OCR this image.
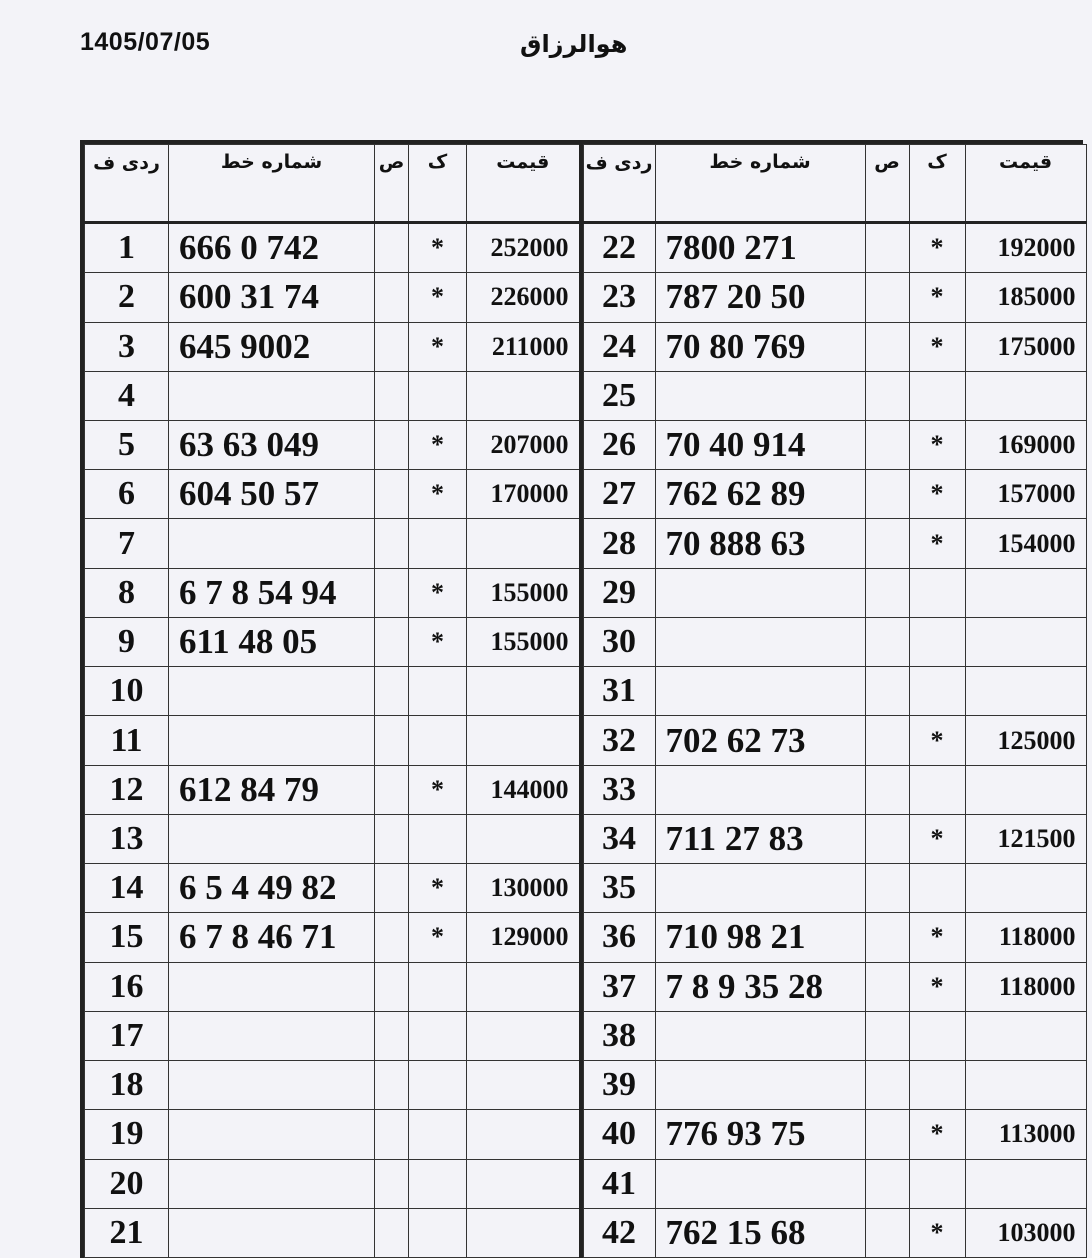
1405/07/05	هوالرزاق
ردی ف	شماره خط	ص	ک	قیمت
1	666 0 742		*	252000
2	600 31 74		*	226000
3	645 9002		*	211000
4				
5	63 63 049		*	207000
6	604 50 57		*	170000
7				
8	6 7 8 54 94		*	155000
9	611 48 05		*	155000
10				
11				
12	612 84 79		*	144000
13				
14	6 5 4 49 82		*	130000
15	6 7 8 46 71		*	129000
16				
17				
18				
19				
20				
21				
ردی ف	شماره خط	ص	ک	قیمت
22	7800 271		*	192000
23	787 20 50		*	185000
24	70 80 769		*	175000
25				
26	70 40 914		*	169000
27	762 62 89		*	157000
28	70 888 63		*	154000
29				
30				
31				
32	702 62 73		*	125000
33				
34	711 27 83		*	121500
35				
36	710 98 21		*	118000
37	7 8 9 35 28		*	118000
38				
39				
40	776 93 75		*	113000
41				
42	762 15 68		*	103000
